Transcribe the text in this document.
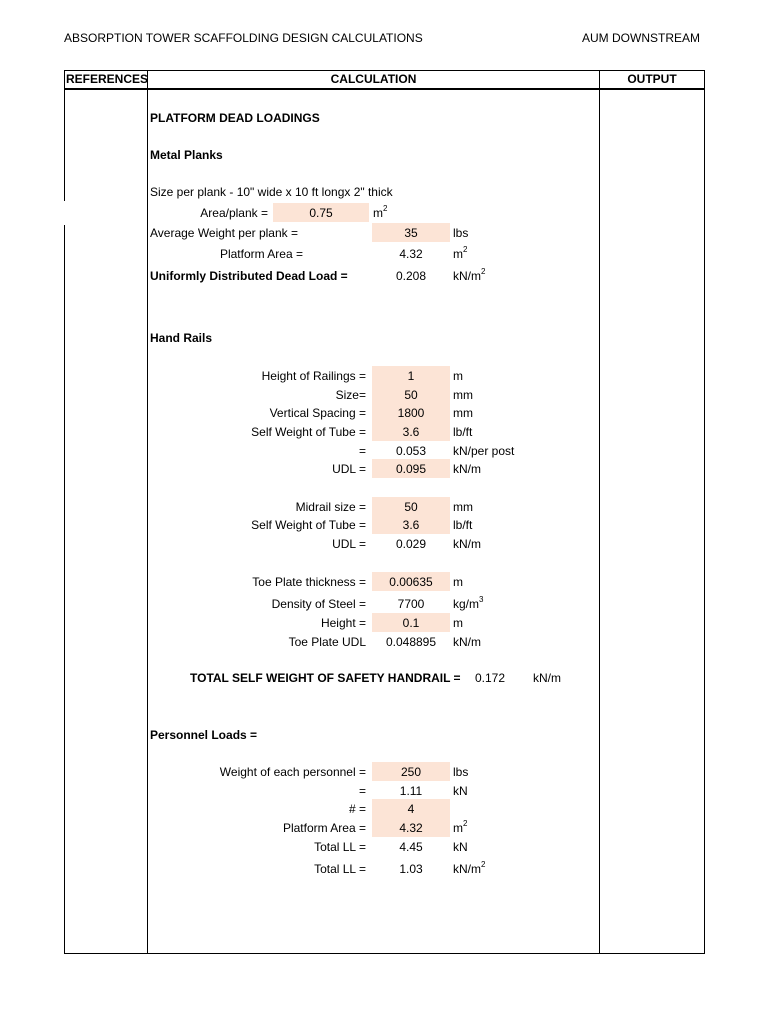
ABSORPTION TOWER SCAFFOLDING DESIGN CALCULATIONS	AUM DOWNSTREAM
REFERENCES	CALCULATION	OUTPUT
PLATFORM DEAD LOADINGS
Metal Planks
Size per plank - 10" wide x 10 ft longx 2" thick
Area/plank =	0.75	$m^2$
Average Weight per plank =	35	lbs
Platform Area =	4.32	$m^2$
Uniformly Distributed Dead Load =	0.208	$kN/m^2$
Hand Rails
Height of Railings =	1	m
Size=	50	mm
Vertical Spacing =	1800	mm
Self Weight of Tube =	3.6	lb/ft
=	0.053	kN/per post
UDL =	0.095	kN/m
Midrail size =	50	mm
Self Weight of Tube =	3.6	lb/ft
UDL =	0.029	kN/m
Toe Plate thickness =	0.00635	m
Density of Steel =	7700	$kg/m^3$
Height =	0.1	m
Toe Plate UDL	0.048895	kN/m
TOTAL SELF WEIGHT OF SAFETY HANDRAIL =	0.172	kN/m
Personnel Loads =
Weight of each personnel =	250	lbs
=	1.11	kN
# =	4
Platform Area =	4.32	$m^2$
Total LL =	4.45	kN
Total LL =	1.03	$kN/m^2$
